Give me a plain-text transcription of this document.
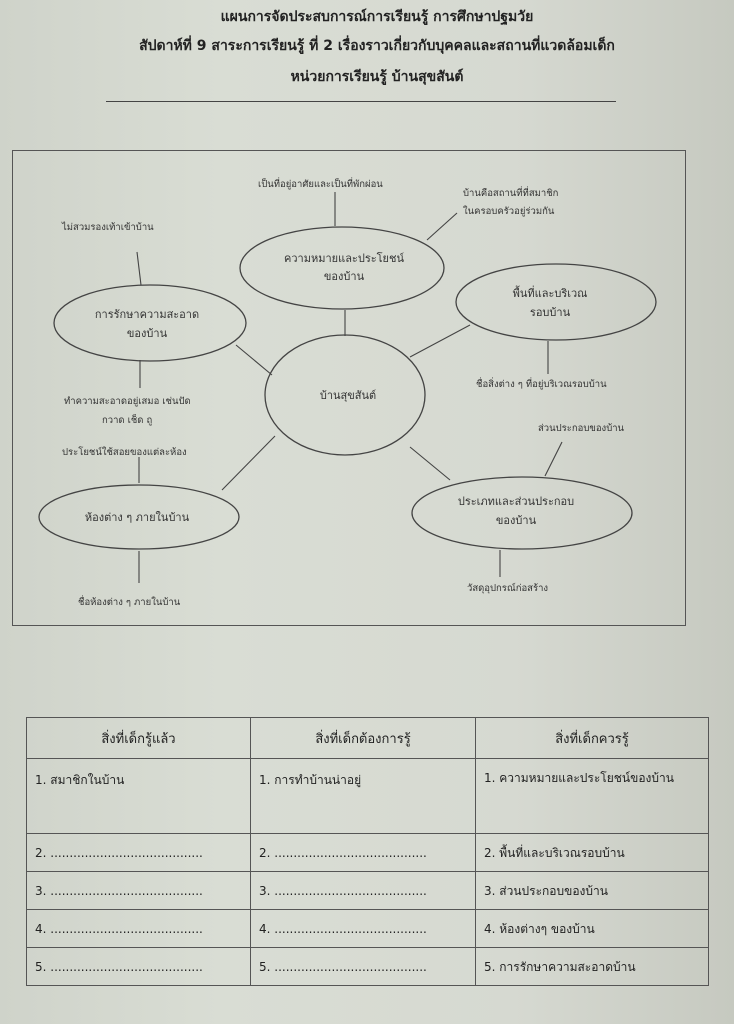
แผนการจัดประสบการณ์การเรียนรู้ การศึกษาปฐมวัย
สัปดาห์ที่ 9 สาระการเรียนรู้ ที่ 2 เรื่องราวเกี่ยวกับบุคคลและสถานที่แวดล้อมเด็ก
หน่วยการเรียนรู้ บ้านสุขสันต์
บ้านสุขสันต์
ความหมายและประโยชน์
ของบ้าน
พื้นที่และบริเวณ
รอบบ้าน
การรักษาความสะอาด
ของบ้าน
ห้องต่าง ๆ ภายในบ้าน
ประเภทและส่วนประกอบ
ของบ้าน
เป็นที่อยู่อาศัยและเป็นที่พักผ่อน
บ้านคือสถานที่ที่สมาชิก
ในครอบครัวอยู่ร่วมกัน
ชื่อสิ่งต่าง ๆ ที่อยู่บริเวณรอบบ้าน
ไม่สวมรองเท้าเข้าบ้าน
ทำความสะอาดอยู่เสมอ เช่นปัด
กวาด เช็ด ถู
ประโยชน์ใช้สอยของแต่ละห้อง
ชื่อห้องต่าง ๆ ภายในบ้าน
ส่วนประกอบของบ้าน
วัสดุอุปกรณ์ก่อสร้าง
สิ่งที่เด็กรู้แล้ว	สิ่งที่เด็กต้องการรู้	สิ่งที่เด็กควรรู้
1. สมาชิกในบ้าน	1. การทำบ้านน่าอยู่	1. ความหมายและประโยชน์ของบ้าน
2. ........................................	2. ........................................	2. พื้นที่และบริเวณรอบบ้าน
3. ........................................	3. ........................................	3. ส่วนประกอบของบ้าน
4. ........................................	4. ........................................	4. ห้องต่างๆ ของบ้าน
5. ........................................	5. ........................................	5. การรักษาความสะอาดบ้าน
